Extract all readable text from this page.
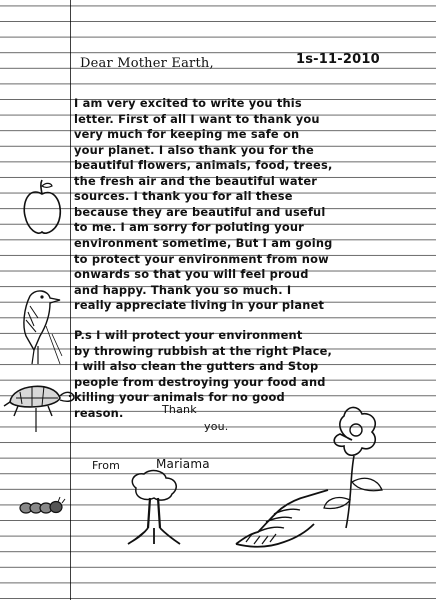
Dear Mother Earth,	1s-11-2010
I am very excited to write you this
letter. First of all I want to thank you
very much for keeping me safe on
your planet. I also thank you for the
beautiful flowers, animals, food, trees,
the fresh air and the beautiful water
sources. I thank you for all these
because they are beautiful and useful
to me. I am sorry for poluting your
environment sometime, But I am going
to protect your environment from now
onwards so that you will feel proud
and happy. Thank you so much. I
really appreciate living in your planet
P.s I will protect your environment
by throwing rubbish at the right Place,
I will also clean the gutters and Stop
people from destroying your food and
killing your animals for no good
reason.	Thank
you.
From	Mariama
